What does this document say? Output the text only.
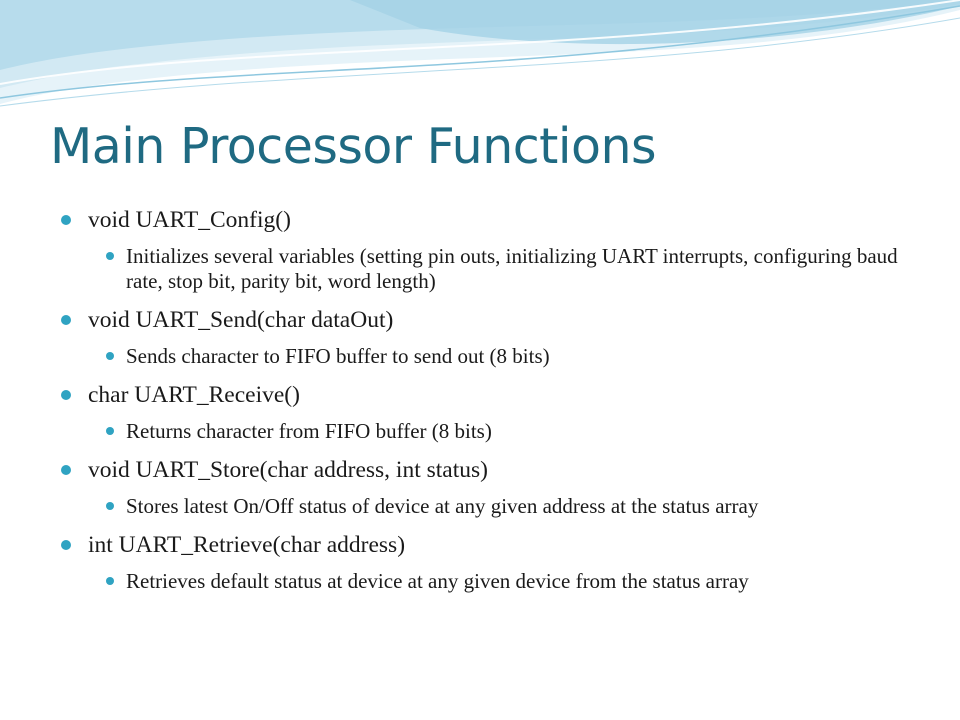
Main Processor Functions
void UART_Config()
Initializes several variables (setting pin outs, initializing UART interrupts, configuring baud rate, stop bit, parity bit, word length)
void UART_Send(char dataOut)
Sends character to FIFO buffer to send out (8 bits)
char UART_Receive()
Returns character from FIFO buffer (8 bits)
void UART_Store(char address, int status)
Stores latest On/Off status of device at any given address at the status array
int UART_Retrieve(char address)
Retrieves default status at device at any given device from the status array
